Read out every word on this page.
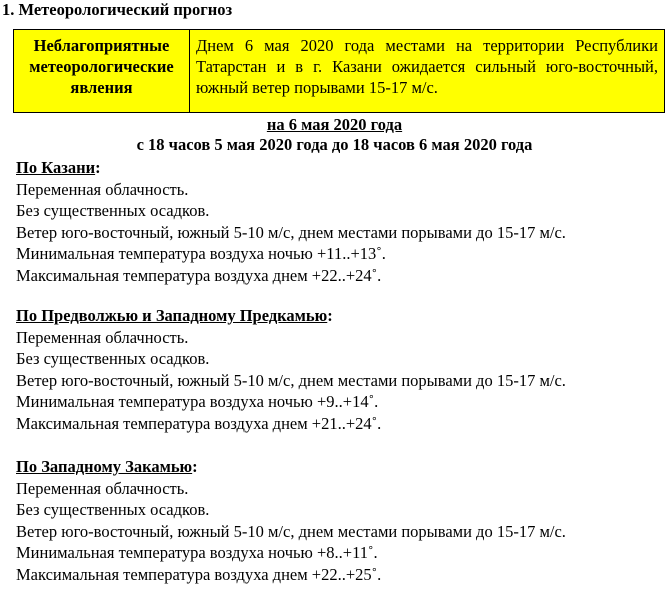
1. Метеорологический прогноз
Неблагоприятные метеорологические явления	Днем 6 мая 2020 года местами на территории Республики Татарстан и в г. Казани ожидается сильный юго-восточный, южный ветер порывами 15-17 м/с.
на 6 мая 2020 года
с 18 часов 5 мая 2020 года до 18 часов 6 мая 2020 года
По Казани:
Переменная облачность.
Без существенных осадков.
Ветер юго-восточный, южный 5-10 м/с, днем местами порывами до 15-17 м/с.
Минимальная температура воздуха ночью +11..+13˚.
Максимальная температура воздуха днем +22..+24˚.
По Предволжью и Западному Предкамью:
Переменная облачность.
Без существенных осадков.
Ветер юго-восточный, южный 5-10 м/с, днем местами порывами до 15-17 м/с.
Минимальная температура воздуха ночью +9..+14˚.
Максимальная температура воздуха днем +21..+24˚.
По Западному Закамью:
Переменная облачность.
Без существенных осадков.
Ветер юго-восточный, южный 5-10 м/с, днем местами порывами до 15-17 м/с.
Минимальная температура воздуха ночью +8..+11˚.
Максимальная температура воздуха днем +22..+25˚.
